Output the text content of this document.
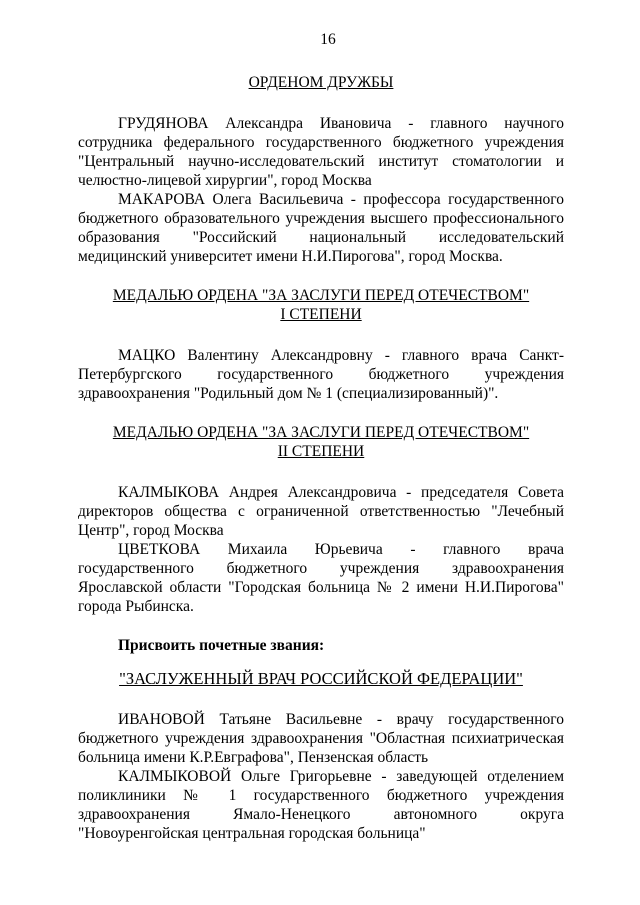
16
ОРДЕНОМ ДРУЖБЫ

ГРУДЯНОВА Александра Ивановича - главного научного сотрудника федерального государственного бюджетного учреждения "Центральный научно-исследовательский институт стоматологии и челюстно-лицевой хирургии", город Москва

МАКАРОВА Олега Васильевича - профессора государственного бюджетного образовательного учреждения высшего профессионального образования "Российский национальный исследовательский медицинский университет имени Н.И.Пирогова", город Москва.

МЕДАЛЬЮ ОРДЕНА "ЗА ЗАСЛУГИ ПЕРЕД ОТЕЧЕСТВОМ"
I СТЕПЕНИ

МАЦКО Валентину Александровну - главного врача Санкт-Петербургского государственного бюджетного учреждения здравоохранения "Родильный дом № 1 (специализированный)".

МЕДАЛЬЮ ОРДЕНА "ЗА ЗАСЛУГИ ПЕРЕД ОТЕЧЕСТВОМ"
II СТЕПЕНИ

КАЛМЫКОВА Андрея Александровича - председателя Совета директоров общества с ограниченной ответственностью "Лечебный Центр", город Москва

ЦВЕТКОВА Михаила Юрьевича - главного врача государственного бюджетного учреждения здравоохранения Ярославской области "Городская больница № 2 имени Н.И.Пирогова" города Рыбинска.

Присвоить почетные звания:

"ЗАСЛУЖЕННЫЙ ВРАЧ РОССИЙСКОЙ ФЕДЕРАЦИИ"

ИВАНОВОЙ Татьяне Васильевне - врачу государственного бюджетного учреждения здравоохранения "Областная психиатрическая больница имени К.Р.Евграфова", Пензенская область

КАЛМЫКОВОЙ Ольге Григорьевне - заведующей отделением поликлиники № 1 государственного бюджетного учреждения здравоохранения Ямало-Ненецкого автономного округа "Новоуренгойская центральная городская больница"
